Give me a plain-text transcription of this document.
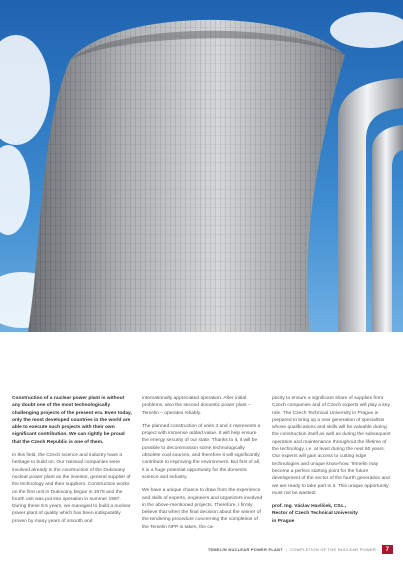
Construction of a nuclear power plant is without any doubt one of the most technologically challenging projects of the present era. Even today, only the most developed countries in the world are able to execute such projects with their own significant contribution. We can rightly be proud that the Czech Republic is one of them.

In this field, the Czech science and industry have a heritage to build on. Our national companies were involved already in the construction of the Dukovany nuclear power plant as the investor, general supplier of the technology and their suppliers. Construction works on the first unit in Dukovany began in 1978 and the fourth unit was put into operation in summer 1987. During these 8.5 years, we managed to build a nuclear power plant of quality which has been indisputably proven by many years of smooth and

internationally appreciated operation. After initial problems, also the second domestic power plant – Temelin – operates reliably.

The planned construction of units 3 and 4 represents a project with immense added value. It will help ensure the energy security of our state. Thanks to it, it will be possible to decommission some technologically obsolete coal sources, and therefore it will significantly contribute to improving the environment. But first of all, it is a huge potential opportunity for the domestic science and industry.

We have a unique chance to draw from the experience and skills of experts, engineers and organizers involved in the above-mentioned projects. Therefore, I firmly believe that when the final decision about the winner of the tendering procedure concerning the completion of the Temelin NPP is taken, the ca-

pacity to ensure a significant share of supplies from Czech companies and of Czech experts will play a key role. The Czech Technical University in Prague is prepared to bring up a new generation of specialists whose qualifications and skills will be valuable during the construction itself as well as during the subsequent operation and maintenance throughout the lifetime of the technology, i.e. at least during the next 60 years. Our experts will gain access to cutting edge technologies and unique know-how. Temelin may become a perfect starting point for the future development of the sector of the fourth generation and we are ready to take part in it. This unique opportunity must not be wasted!

prof. Ing. Václav Havlíček, CSc.,
Rector of Czech Technical University
in Prague
TEMELÍN NUCLEAR POWER PLANT | COMPLETION OF THE NUCLEAR POWER	7
